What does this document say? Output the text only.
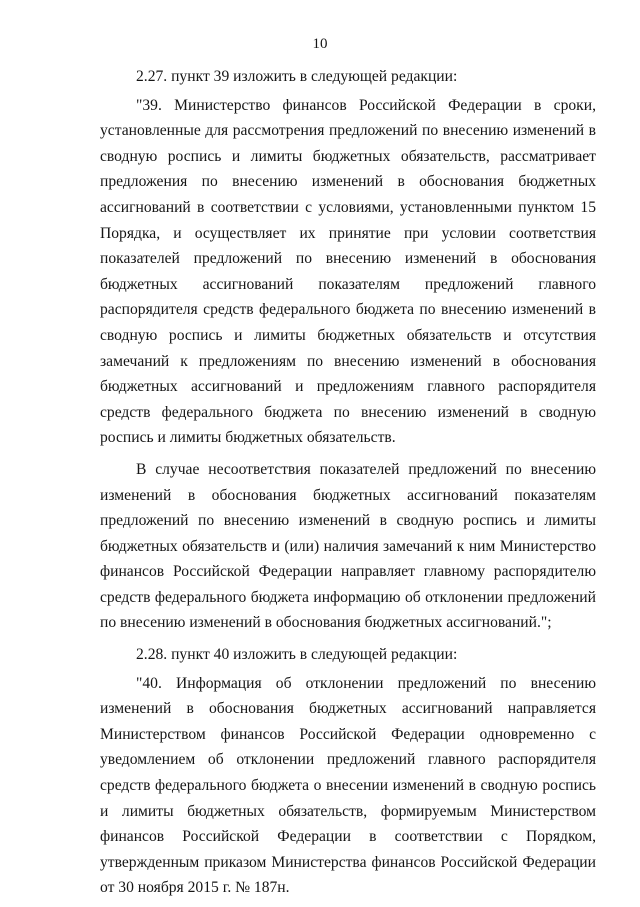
10

2.27. пункт 39 изложить в следующей редакции:

"39. Министерство финансов Российской Федерации в сроки, установленные для рассмотрения предложений по внесению изменений в сводную роспись и лимиты бюджетных обязательств, рассматривает предложения по внесению изменений в обоснования бюджетных ассигнований в соответствии с условиями, установленными пунктом 15 Порядка, и осуществляет их принятие при условии соответствия показателей предложений по внесению изменений в обоснования бюджетных ассигнований показателям предложений главного распорядителя средств федерального бюджета по внесению изменений в сводную роспись и лимиты бюджетных обязательств и отсутствия замечаний к предложениям по внесению изменений в обоснования бюджетных ассигнований и предложениям главного распорядителя средств федерального бюджета по внесению изменений в сводную роспись и лимиты бюджетных обязательств.

В случае несоответствия показателей предложений по внесению изменений в обоснования бюджетных ассигнований показателям предложений по внесению изменений в сводную роспись и лимиты бюджетных обязательств и (или) наличия замечаний к ним Министерство финансов Российской Федерации направляет главному распорядителю средств федерального бюджета информацию об отклонении предложений по внесению изменений в обоснования бюджетных ассигнований.";

2.28. пункт 40 изложить в следующей редакции:

"40. Информация об отклонении предложений по внесению изменений в обоснования бюджетных ассигнований направляется Министерством финансов Российской Федерации одновременно с уведомлением об отклонении предложений главного распорядителя средств федерального бюджета о внесении изменений в сводную роспись и лимиты бюджетных обязательств, формируемым Министерством финансов Российской Федерации в соответствии с Порядком, утвержденным приказом Министерства финансов Российской Федерации от 30 ноября 2015 г. № 187н.
